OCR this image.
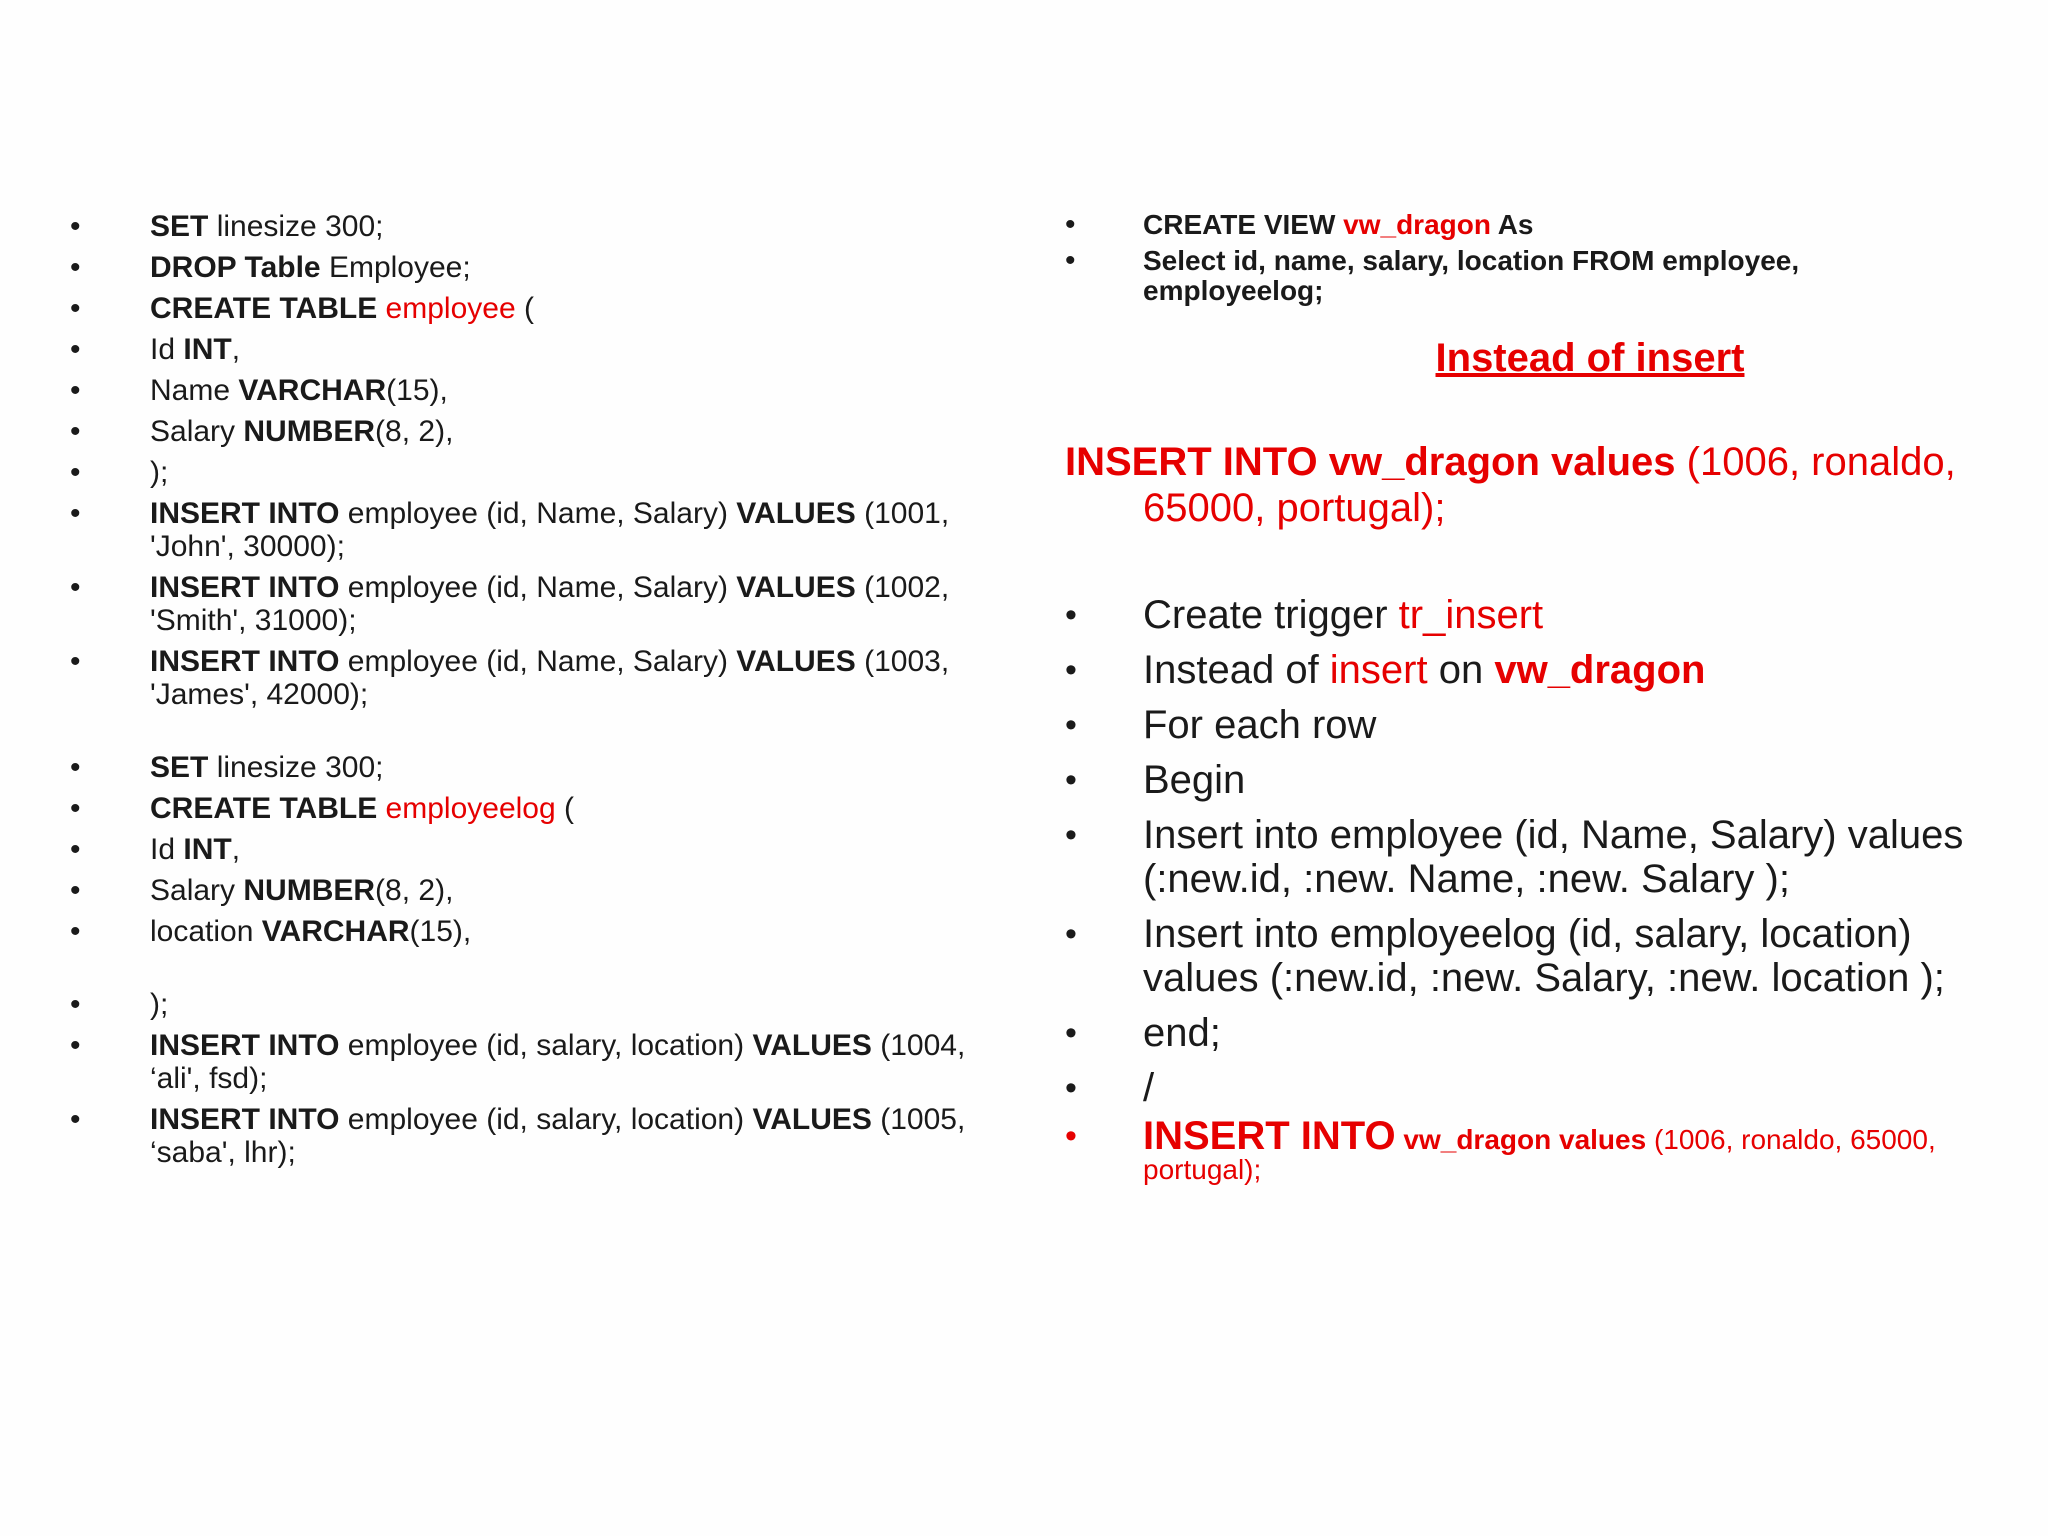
• SET linesize 300;
• DROP Table Employee;
• CREATE TABLE employee (
• Id INT,
• Name VARCHAR(15),
• Salary NUMBER(8, 2),
• );
• INSERT INTO employee (id, Name, Salary) VALUES (1001, 'John', 30000);
• INSERT INTO employee (id, Name, Salary) VALUES (1002, 'Smith', 31000);
• INSERT INTO employee (id, Name, Salary) VALUES (1003, 'James', 42000);
• SET linesize 300;
• CREATE TABLE employeelog (
• Id INT,
• Salary NUMBER(8, 2),
• location VARCHAR(15),
• );
• INSERT INTO employee (id, salary, location) VALUES (1004, ‘ali', fsd);
• INSERT INTO employee (id, salary, location) VALUES (1005, ‘saba', lhr);
• CREATE VIEW vw_dragon As
• Select id, name, salary, location FROM employee, employeelog;
Instead of insert
INSERT INTO vw_dragon values (1006, ronaldo, 65000, portugal);
• Create trigger tr_insert
• Instead of insert on vw_dragon
• For each row
• Begin
• Insert into employee (id, Name, Salary) values (:new.id, :new. Name, :new. Salary );
• Insert into employeelog (id, salary, location) values (:new.id, :new. Salary, :new. location );
• end;
• /
• INSERT INTO vw_dragon values (1006, ronaldo, 65000, portugal);
